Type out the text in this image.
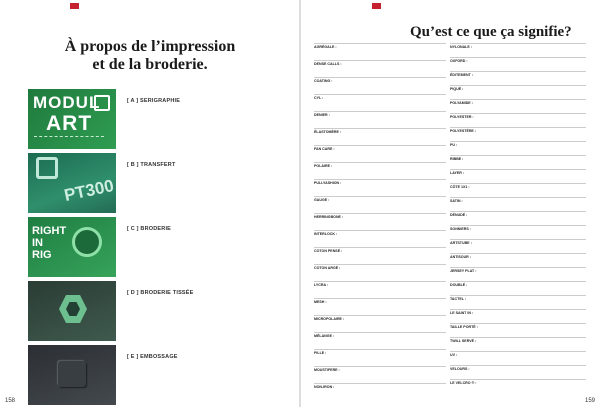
À propos de l’impression
et de la broderie.
MODUL
ART
[ A ] SERIGRAPHIE
PT300
[ B ] TRANSFERT
RIGHT
IN
RIG
[ C ] BRODERIE
[ D ] BRODERIE TISSÉE
[ E ] EMBOSSAGE
158
Qu’est ce que ça signifie?
AGRÉGALE :
DENSE CALLS :
COATING :
CYL :
DENIER :
ÉLASTOMÈRE :
FAN CARE :
POLAIRE :
PULLYASHION :
GAUGE :
HERRINGBONE :
INTERLOCK :
COTON PENSÉ :
COTON ARGÉ :
LYCRA :
MESH :
MICROPOLAIRE :
MÉLANGE :
PILLE :
MOUSTIFERE :
NON-IRON :
NYLONALE :
OXFORD :
ÉDITEMENT :
PIQUÉ :
POLYAMIDE :
POLYESTER :
POLYESTÈRE :
PU :
RIBBE :
LAYER :
CÔTE 1X1 :
SATIN :
DÉNUDÉ :
SONNIERS :
ARTSTUBE :
ANTISOUR :
JERSEY PLAT :
DOUBLÉ :
TACTEL :
LE SAINT IN :
TAILLE PORTÉ :
TWILL SERVÉ :
UV :
VELOURS :
LE VELCRO ® :
159
